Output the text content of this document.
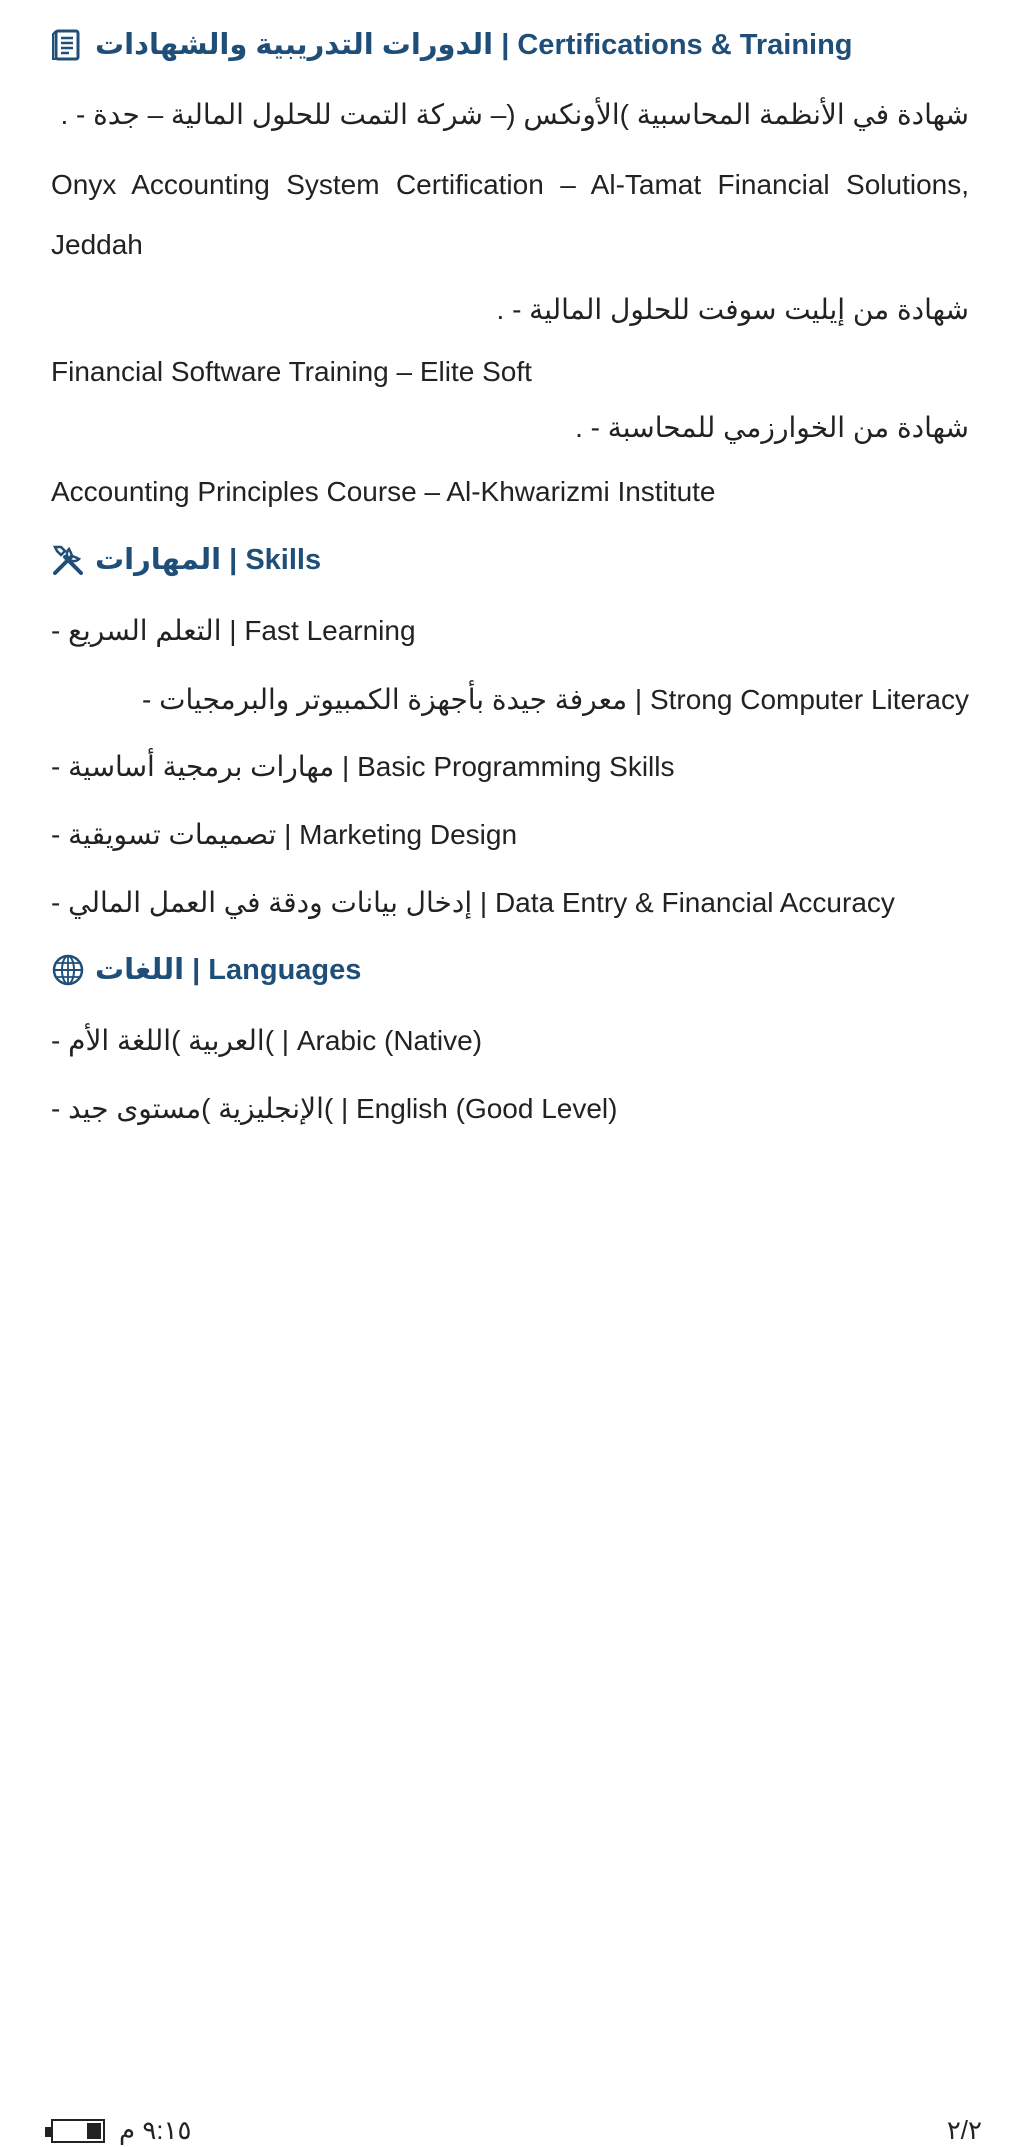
الدورات التدريبية والشهادات | Certifications & Training
شهادة في الأنظمة المحاسبية )الأونكس (– شركة التمت للحلول المالية – جدة - .
Onyx Accounting System Certification – Al-Tamat Financial Solutions, Jeddah
شهادة من إيليت سوفت للحلول المالية - .
Financial Software Training – Elite Soft
شهادة من الخوارزمي للمحاسبة - .
Accounting Principles Course – Al-Khwarizmi Institute
المهارات | Skills
- التعلم السريع | Fast Learning
- معرفة جيدة بأجهزة الكمبيوتر والبرمجيات | Strong Computer Literacy
- مهارات برمجية أساسية | Basic Programming Skills
- تصميمات تسويقية | Marketing Design
- إدخال بيانات ودقة في العمل المالي | Data Entry & Financial Accuracy
اللغات | Languages
- العربية )اللغة الأم( | Arabic (Native)
- الإنجليزية )مستوى جيد( | English (Good Level)
٩:١٥ م	٢/٢
